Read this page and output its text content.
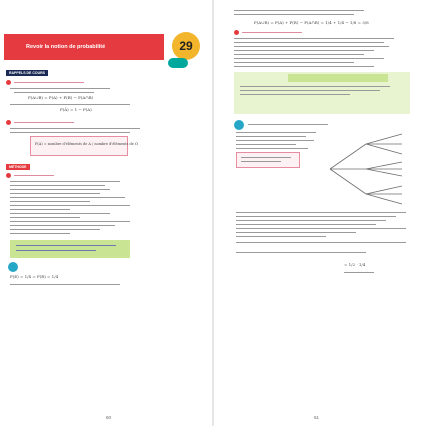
Revoir la notion de probabilité	29
RAPPELS DE COURS
P(A∪B) = P(A) + P(B) − P(A∩B)
P(Ā) = 1 − P(A)
P(A) = nombre d'éléments de A / nombre d'éléments de Ω
MÉTHODE
P(E) = 1/4 = P(R) = 1/4
60
P(A∪R) = P(A) + P(R) − P(A∩R) = 1/4 + 1/4 − 1/8 = 3/8
= 1/2 · 1/4
61
